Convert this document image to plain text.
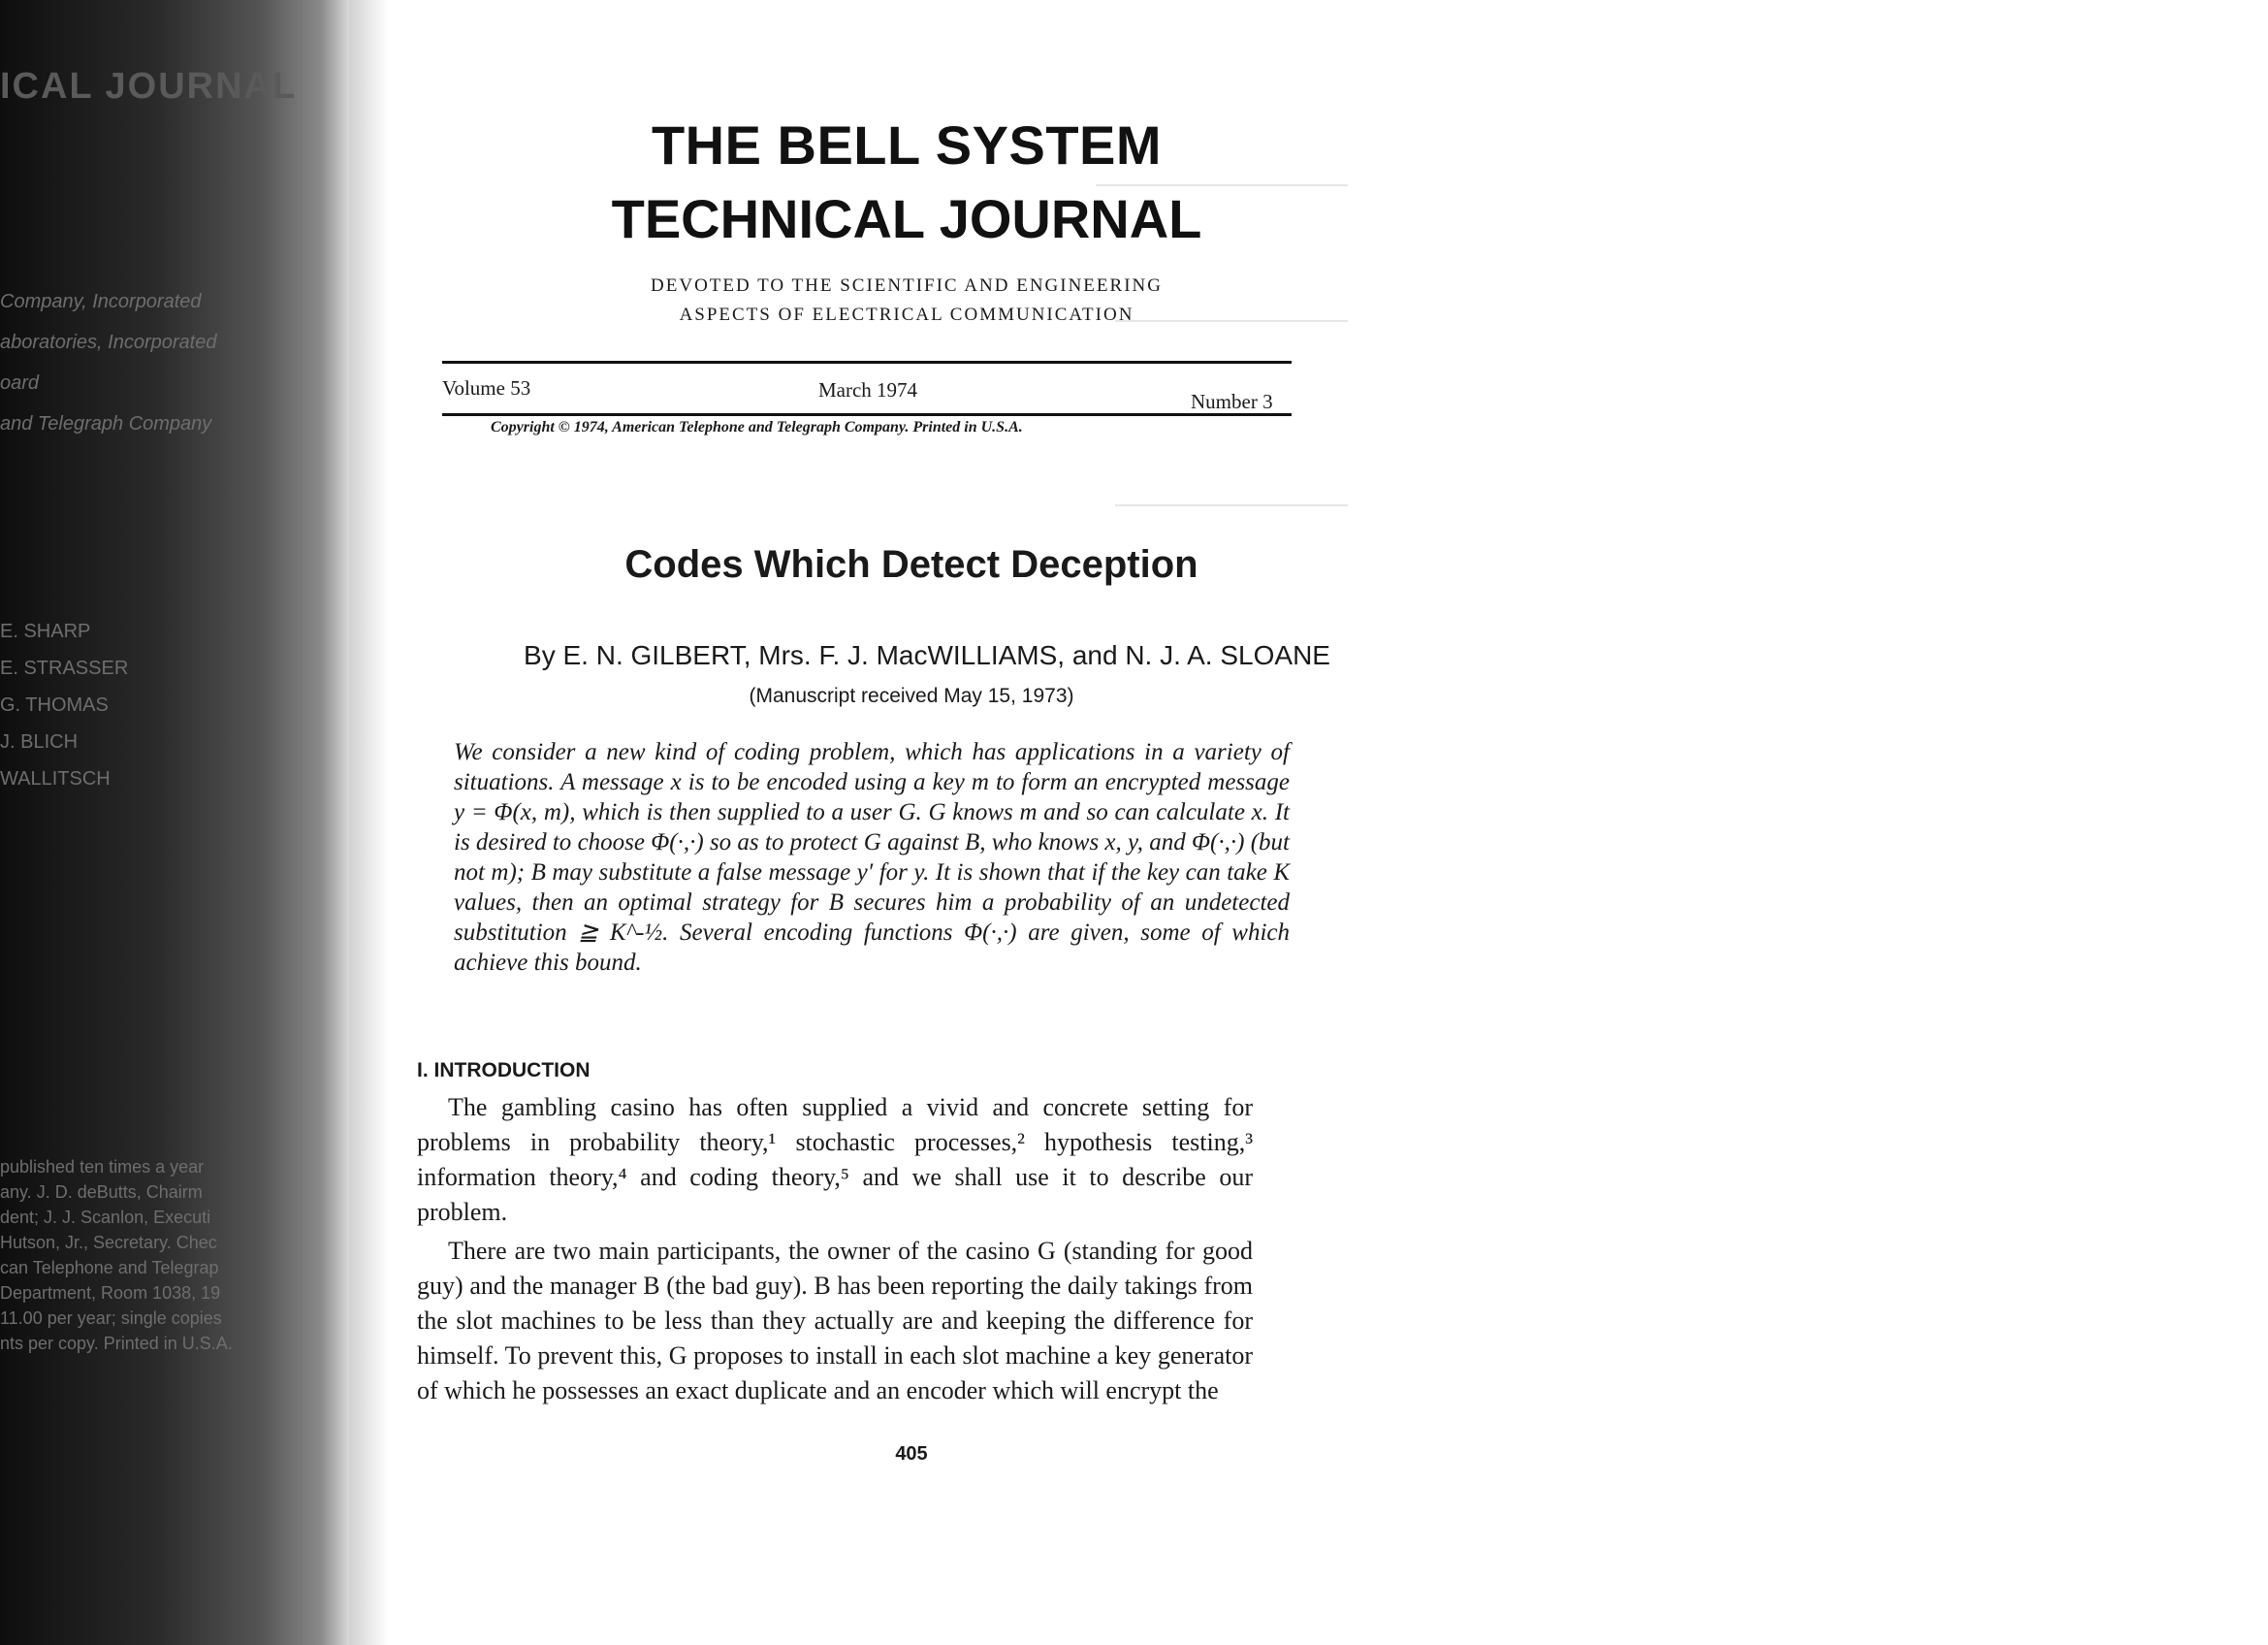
ICAL JOURNAL
Company, Incorporated
aboratories, Incorporated
oard
and Telegraph Company
E. SHARP
E. STRASSER
G. THOMAS
J. BLICH
WALLITSCH
published ten times a year
any. J. D. deButts, Chairm
dent; J. J. Scanlon, Executi
Hutson, Jr., Secretary. Chec
can Telephone and Telegrap
Department, Room 1038, 19
11.00 per year; single copies
nts per copy. Printed in U.S.A.
THE BELL SYSTEM
TECHNICAL JOURNAL
DEVOTED TO THE SCIENTIFIC AND ENGINEERING
ASPECTS OF ELECTRICAL COMMUNICATION
Volume 53	March 1974	Number 3
Copyright © 1974, American Telephone and Telegraph Company. Printed in U.S.A.
Codes Which Detect Deception
By E. N. GILBERT, Mrs. F. J. MacWILLIAMS, and N. J. A. SLOANE
(Manuscript received May 15, 1973)

We consider a new kind of coding problem, which has applications in a variety of situations. A message x is to be encoded using a key m to form an encrypted message y = Φ(x, m), which is then supplied to a user G. G knows m and so can calculate x. It is desired to choose Φ(·,·) so as to protect G against B, who knows x, y, and Φ(·,·) (but not m); B may substitute a false message y′ for y. It is shown that if the key can take K values, then an optimal strategy for B secures him a probability of an undetected substitution ≧ K^-½. Several encoding functions Φ(·,·) are given, some of which achieve this bound.

I. INTRODUCTION

The gambling casino has often supplied a vivid and concrete setting for problems in probability theory,¹ stochastic processes,² hypothesis testing,³ information theory,⁴ and coding theory,⁵ and we shall use it to describe our problem.

There are two main participants, the owner of the casino G (standing for good guy) and the manager B (the bad guy). B has been reporting the daily takings from the slot machines to be less than they actually are and keeping the difference for himself. To prevent this, G proposes to install in each slot machine a key generator of which he possesses an exact duplicate and an encoder which will encrypt the

405
